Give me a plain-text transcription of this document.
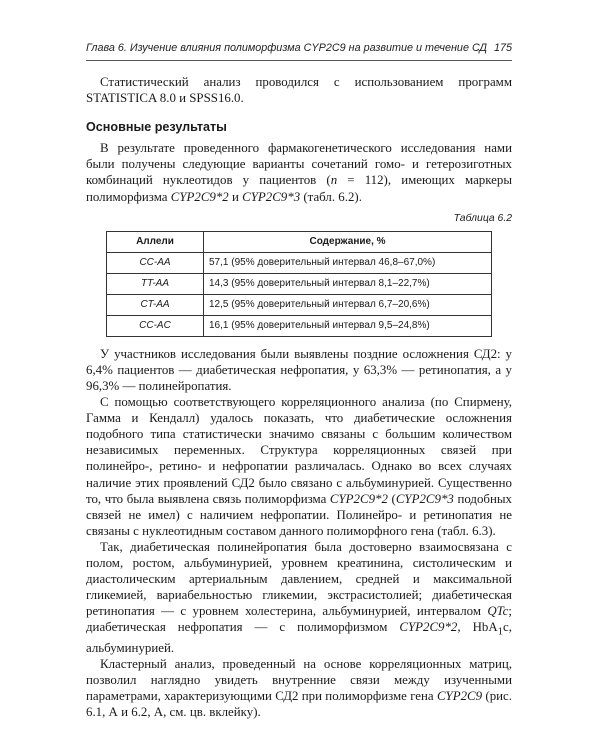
Глава 6. Изучение влияния полиморфизма CYP2C9 на развитие и течение СД 175

Статистический анализ проводился с использованием программ STATISTICA 8.0 и SPSS16.0.

Основные результаты

В результате проведенного фармакогенетического исследования нами были получены следующие варианты сочетаний гомо- и гетерозиготных комбинаций нуклеотидов у пациентов (n = 112), имеющих маркеры полиморфизма CYP2C9*2 и CYP2C9*3 (табл. 6.2).

Таблица 6.2
Аллели	Содержание, %
CC-AA	57,1 (95% доверительный интервал 46,8–67,0%)
TT-AA	14,3 (95% доверительный интервал 8,1–22,7%)
CT-AA	12,5 (95% доверительный интервал 6,7–20,6%)
CC-AC	16,1 (95% доверительный интервал 9,5–24,8%)

У участников исследования были выявлены поздние осложнения СД2: у 6,4% пациентов — диабетическая нефропатия, у 63,3% — ретинопатия, а у 96,3% — полинейропатия.

С помощью соответствующего корреляционного анализа (по Спирмену, Гамма и Кендалл) удалось показать, что диабетические осложнения подобного типа статистически значимо связаны с большим количеством независимых переменных. Структура корреляционных связей при полинейро-, ретино- и нефропатии различалась. Однако во всех случаях наличие этих проявлений СД2 было связано с альбуминурией. Существенно то, что была выявлена связь полиморфизма CYP2C9*2 (CYP2C9*3 подобных связей не имел) с наличием нефропатии. Полинейро- и ретинопатия не связаны с нуклеотидным составом данного полиморфного гена (табл. 6.3).

Так, диабетическая полинейропатия была достоверно взаимосвязана с полом, ростом, альбуминурией, уровнем креатинина, систолическим и диастолическим артериальным давлением, средней и максимальной гликемией, вариабельностью гликемии, экстрасистолией; диабетическая ретинопатия — с уровнем холестерина, альбуминурией, интервалом QTc; диабетическая нефропатия — с полиморфизмом CYP2C9*2, HbA$_1$с, альбуминурией.

Кластерный анализ, проведенный на основе корреляционных матриц, позволил наглядно увидеть внутренние связи между изученными параметрами, характеризующими СД2 при полиморфизме гена CYP2C9 (рис. 6.1, А и 6.2, А, см. цв. вклейку).
